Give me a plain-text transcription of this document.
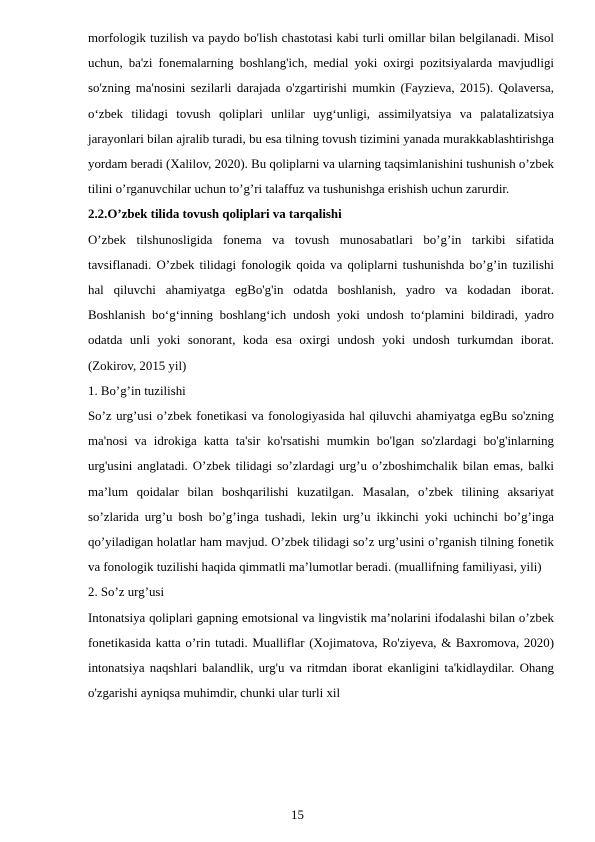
morfologik tuzilish va paydo bo'lish chastotasi kabi turli omillar bilan belgilanadi. Misol uchun, ba'zi fonemalarning boshlang'ich, medial yoki oxirgi pozitsiyalarda mavjudligi so'zning ma'nosini sezilarli darajada o'zgartirishi mumkin (Fayzieva, 2015). Qolaversa, o‘zbek tilidagi tovush qoliplari unlilar uyg‘unligi, assimilyatsiya va palatalizatsiya jarayonlari bilan ajralib turadi, bu esa tilning tovush tizimini yanada murakkablashtirishga yordam beradi (Xalilov, 2020). Bu qoliplarni va ularning taqsimlanishini tushunish o’zbek tilini o’rganuvchilar uchun to’g’ri talaffuz va tushunishga erishish uchun zarurdir.

2.2.O’zbek tilida tovush qoliplari va tarqalishi

O’zbek tilshunosligida fonema va tovush munosabatlari bo’g’in tarkibi sifatida tavsiflanadi. O’zbek tilidagi fonologik qoida va qoliplarni tushunishda bo’g’in tuzilishi hal qiluvchi ahamiyatga egBo'g'in odatda boshlanish, yadro va kodadan iborat. Boshlanish bo‘g‘inning boshlang‘ich undosh yoki undosh to‘plamini bildiradi, yadro odatda unli yoki sonorant, koda esa oxirgi undosh yoki undosh turkumdan iborat. (Zokirov, 2015 yil)

1. Bo’g’in tuzilishi

So’z urg’usi o’zbek fonetikasi va fonologiyasida hal qiluvchi ahamiyatga egBu so'zning ma'nosi va idrokiga katta ta'sir ko'rsatishi mumkin bo'lgan so'zlardagi bo'g'inlarning urg'usini anglatadi. O’zbek tilidagi so’zlardagi urg’u o’zboshimchalik bilan emas, balki ma’lum qoidalar bilan boshqarilishi kuzatilgan. Masalan, o’zbek tilining aksariyat so’zlarida urg’u bosh bo’g’inga tushadi, lekin urg’u ikkinchi yoki uchinchi bo’g’inga qo’yiladigan holatlar ham mavjud. O’zbek tilidagi so’z urg’usini o’rganish tilning fonetik va fonologik tuzilishi haqida qimmatli ma’lumotlar beradi. (muallifning familiyasi, yili)

2. So’z urg’usi

Intonatsiya qoliplari gapning emotsional va lingvistik ma’nolarini ifodalashi bilan o’zbek fonetikasida katta o’rin tutadi. Mualliflar (Xojimatova, Ro'ziyeva, & Baxromova, 2020) intonatsiya naqshlari balandlik, urg'u va ritmdan iborat ekanligini ta'kidlaydilar. Ohang o'zgarishi ayniqsa muhimdir, chunki ular turli xil

15
